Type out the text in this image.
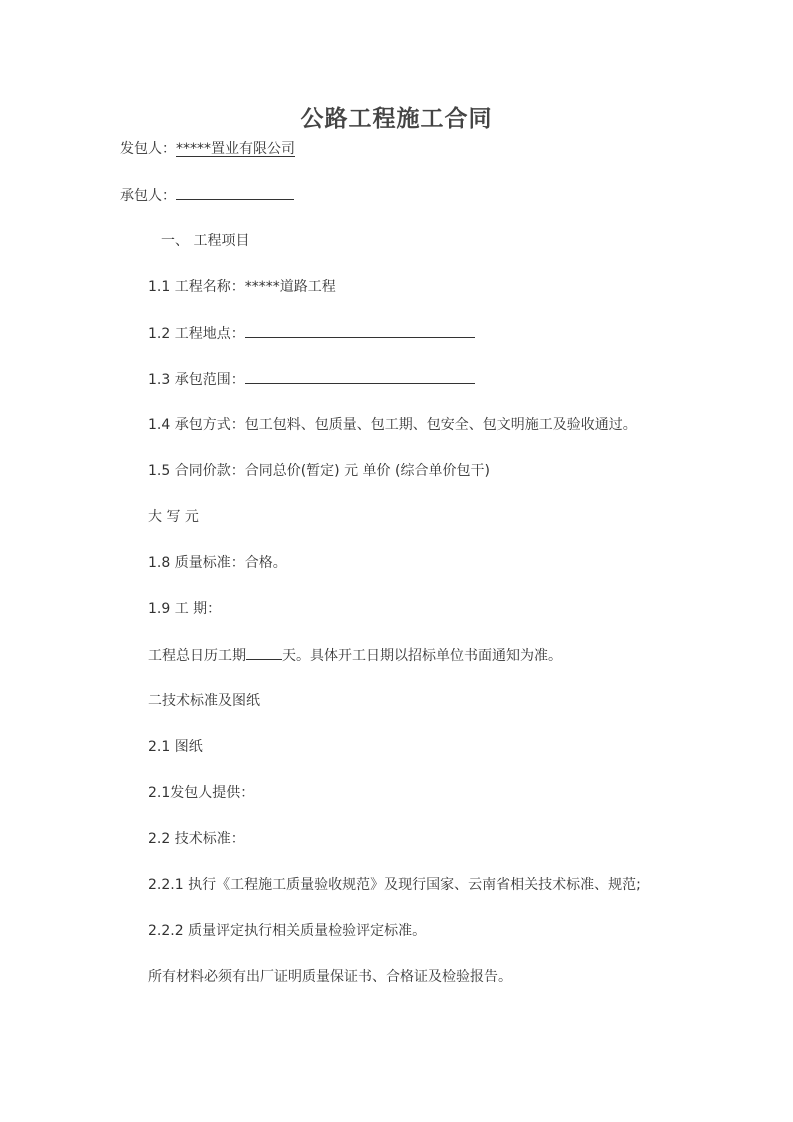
公路工程施工合同
发包人：*****置业有限公司
承包人：
一、 工程项目
1.1 工程名称：*****道路工程
1.2 工程地点：
1.3 承包范围：
1.4 承包方式：包工包料、包质量、包工期、包安全、包文明施工及验收通过。
1.5 合同价款：合同总价(暂定) 元 单价 (综合单价包干)
大 写 元
1.8 质量标准：合格。
1.9 工 期：
工程总日历工期	天。具体开工日期以招标单位书面通知为准。
二技术标准及图纸
2.1 图纸
2.1发包人提供：
2.2 技术标准：
2.2.1 执行《工程施工质量验收规范》及现行国家、云南省相关技术标准、规范;
2.2.2 质量评定执行相关质量检验评定标准。
所有材料必须有出厂证明质量保证书、合格证及检验报告。
